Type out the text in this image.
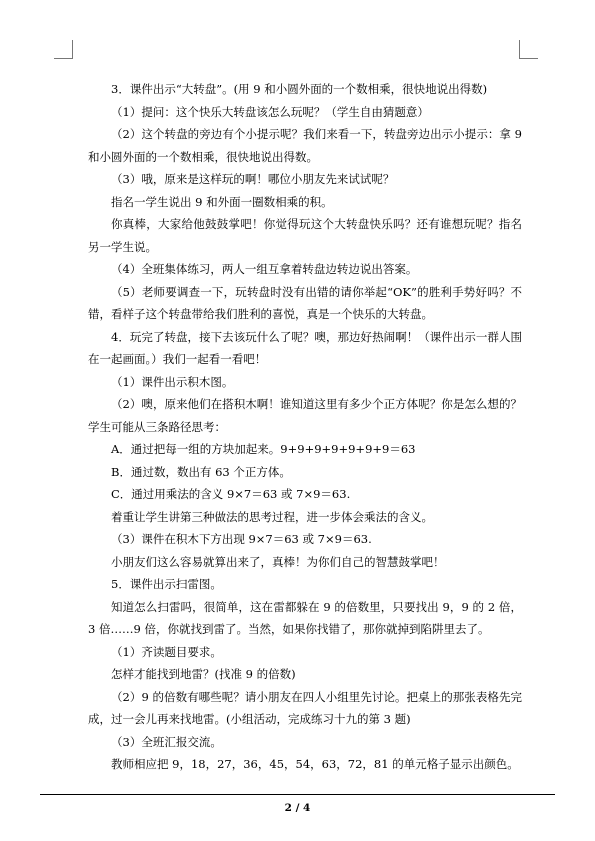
3．课件出示“大转盘”。(用 9 和小圆外面的一个数相乘，很快地说出得数)

（1）提问：这个快乐大转盘该怎么玩呢？（学生自由猜题意）

（2）这个转盘的旁边有个小提示呢？我们来看一下，转盘旁边出示小提示：拿 9 和小圆外面的一个数相乘，很快地说出得数。

（3）哦，原来是这样玩的啊！哪位小朋友先来试试呢？

指名一学生说出 9 和外面一圈数相乘的积。

你真棒，大家给他鼓鼓掌吧！你觉得玩这个大转盘快乐吗？还有谁想玩呢？指名另一学生说。

（4）全班集体练习，两人一组互拿着转盘边转边说出答案。

（5）老师要调查一下，玩转盘时没有出错的请你举起“OK”的胜利手势好吗？不错，看样子这个转盘带给我们胜利的喜悦，真是一个快乐的大转盘。

4．玩完了转盘，接下去该玩什么了呢？噢，那边好热闹啊！（课件出示一群人围在一起画面。）我们一起看一看吧！

（1）课件出示积木图。

（2）噢，原来他们在搭积木啊！谁知道这里有多少个正方体呢？你是怎么想的？学生可能从三条路径思考：

A．通过把每一组的方块加起来。9+9+9+9+9+9+9＝63

B．通过数，数出有 63 个正方体。

C．通过用乘法的含义 9×7＝63 或 7×9＝63.

着重让学生讲第三种做法的思考过程，进一步体会乘法的含义。

（3）课件在积木下方出现 9×7＝63 或 7×9＝63.

小朋友们这么容易就算出来了，真棒！为你们自己的智慧鼓掌吧！

5．课件出示扫雷图。

知道怎么扫雷吗，很简单，这在雷都躲在 9 的倍数里，只要找出 9，9 的 2 倍，3 倍……9 倍，你就找到雷了。当然，如果你找错了，那你就掉到陷阱里去了。

（1）齐读题目要求。

怎样才能找到地雷？(找准 9 的倍数)

（2）9 的倍数有哪些呢？请小朋友在四人小组里先讨论。把桌上的那张表格先完成，过一会儿再来找地雷。(小组活动，完成练习十九的第 3 题)

（3）全班汇报交流。

教师相应把 9，18，27，36，45，54，63，72，81 的单元格子显示出颜色。

2 / 4
